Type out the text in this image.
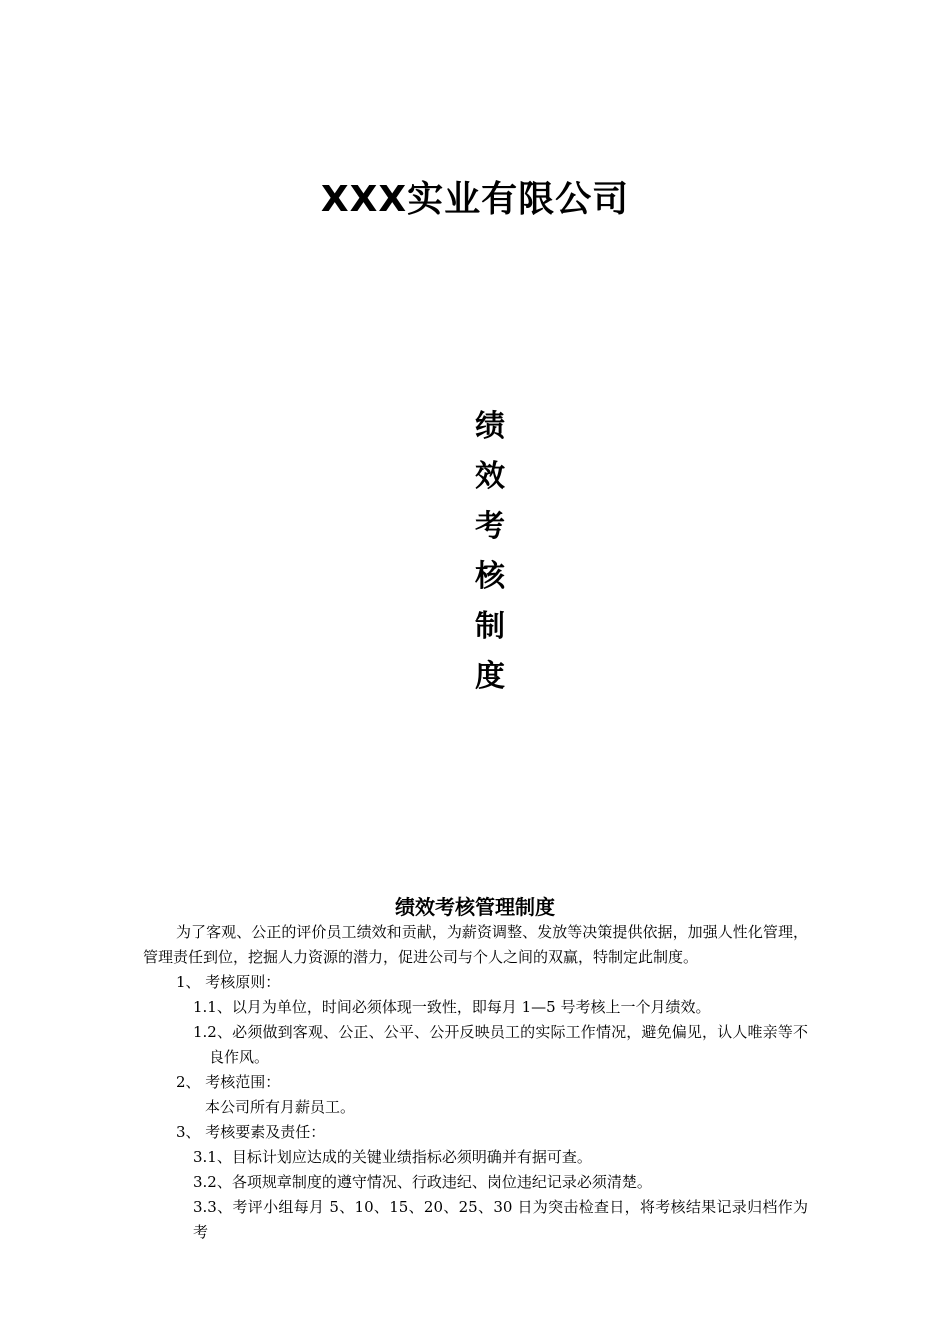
XXX实业有限公司
绩
效
考
核
制
度
绩效考核管理制度

为了客观、公正的评价员工绩效和贡献，为薪资调整、发放等决策提供依据，加强人性化管理，管理责任到位，挖掘人力资源的潜力，促进公司与个人之间的双赢，特制定此制度。

1、 考核原则：

1.1、以月为单位，时间必须体现一致性，即每月 1—5 号考核上一个月绩效。

1.2、必须做到客观、公正、公平、公开反映员工的实际工作情况，避免偏见，认人唯亲等不良作风。

2、 考核范围：

本公司所有月薪员工。

3、 考核要素及责任：

3.1、目标计划应达成的关键业绩指标必须明确并有据可查。

3.2、各项规章制度的遵守情况、行政违纪、岗位违纪记录必须清楚。

3.3、考评小组每月 5、10、15、20、25、30 日为突击检查日，将考核结果记录归档作为考
